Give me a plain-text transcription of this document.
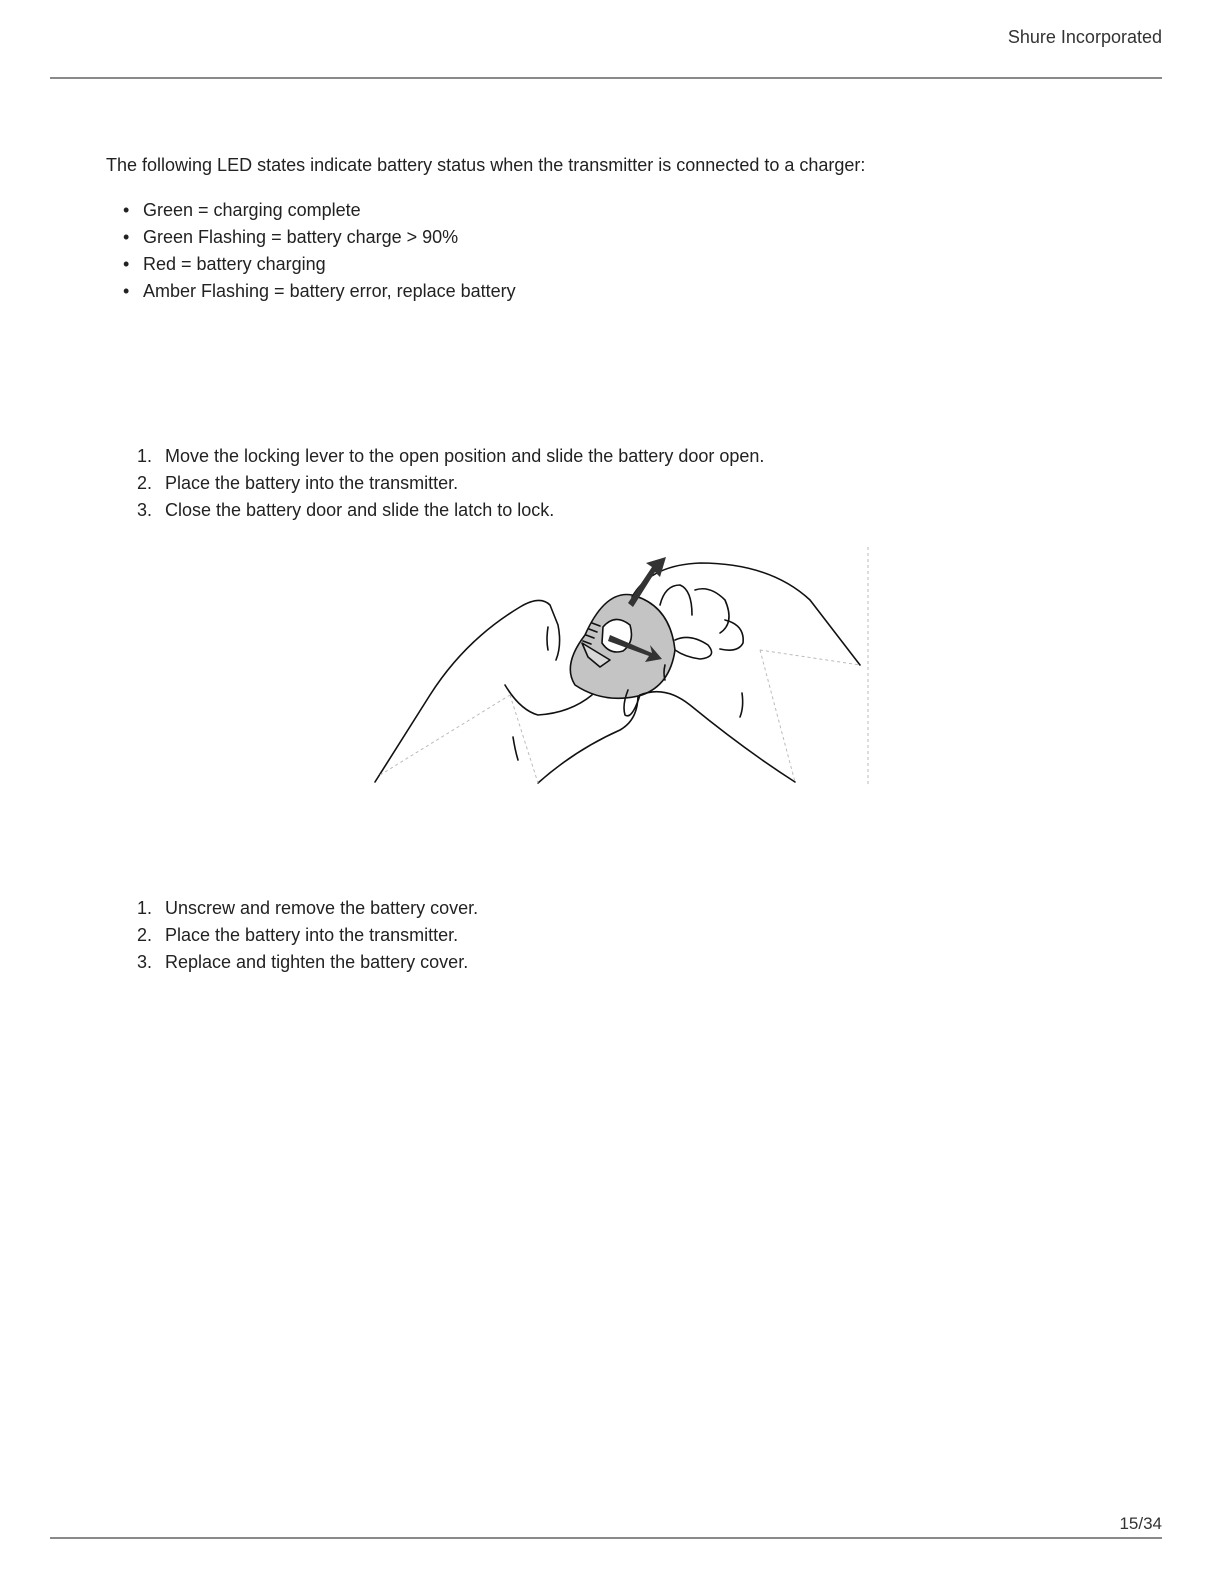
Shure Incorporated

The following LED states indicate battery status when the transmitter is connected to a charger:

• Green = charging complete
• Green Flashing = battery charge > 90%
• Red = battery charging
• Amber Flashing = battery error, replace battery
1. Move the locking lever to the open position and slide the battery door open.
2. Place the battery into the transmitter.
3. Close the battery door and slide the latch to lock.
1. Unscrew and remove the battery cover.
2. Place the battery into the transmitter.
3. Replace and tighten the battery cover.
15/34
